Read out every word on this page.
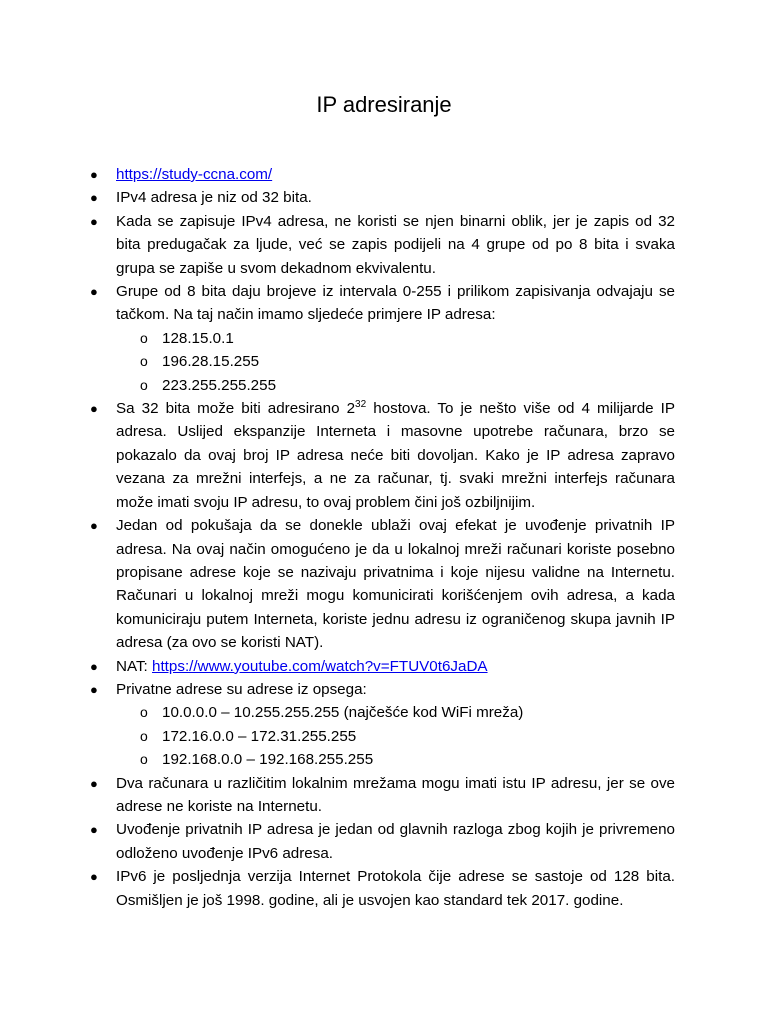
IP adresiranje
● https://study-ccna.com/
● IPv4 adresa je niz od 32 bita.
● Kada se zapisuje IPv4 adresa, ne koristi se njen binarni oblik, jer je zapis od 32 bita predugačak za ljude, već se zapis podijeli na 4 grupe od po 8 bita i svaka grupa se zapiše u svom dekadnom ekvivalentu.
● Grupe od 8 bita daju brojeve iz intervala 0-255 i prilikom zapisivanja odvajaju se tačkom. Na taj način imamo sljedeće primjere IP adresa:
o 128.15.0.1
o 196.28.15.255
o 223.255.255.255
● Sa 32 bita može biti adresirano $2^{32}$ hostova. To je nešto više od 4 milijarde IP adresa. Uslijed ekspanzije Interneta i masovne upotrebe računara, brzo se pokazalo da ovaj broj IP adresa neće biti dovoljan. Kako je IP adresa zapravo vezana za mrežni interfejs, a ne za računar, tj. svaki mrežni interfejs računara može imati svoju IP adresu, to ovaj problem čini još ozbiljnijim.
● Jedan od pokušaja da se donekle ublaži ovaj efekat je uvođenje privatnih IP adresa. Na ovaj način omogućeno je da u lokalnoj mreži računari koriste posebno propisane adrese koje se nazivaju privatnima i koje nijesu validne na Internetu. Računari u lokalnoj mreži mogu komunicirati korišćenjem ovih adresa, a kada komuniciraju putem Interneta, koriste jednu adresu iz ograničenog skupa javnih IP adresa (za ovo se koristi NAT).
● NAT: https://www.youtube.com/watch?v=FTUV0t6JaDA
● Privatne adrese su adrese iz opsega:
o 10.0.0.0 – 10.255.255.255 (najčešće kod WiFi mreža)
o 172.16.0.0 – 172.31.255.255
o 192.168.0.0 – 192.168.255.255
● Dva računara u različitim lokalnim mrežama mogu imati istu IP adresu, jer se ove adrese ne koriste na Internetu.
● Uvođenje privatnih IP adresa je jedan od glavnih razloga zbog kojih je privremeno odloženo uvođenje IPv6 adresa.
● IPv6 je posljednja verzija Internet Protokola čije adrese se sastoje od 128 bita. Osmišljen je još 1998. godine, ali je usvojen kao standard tek 2017. godine.
